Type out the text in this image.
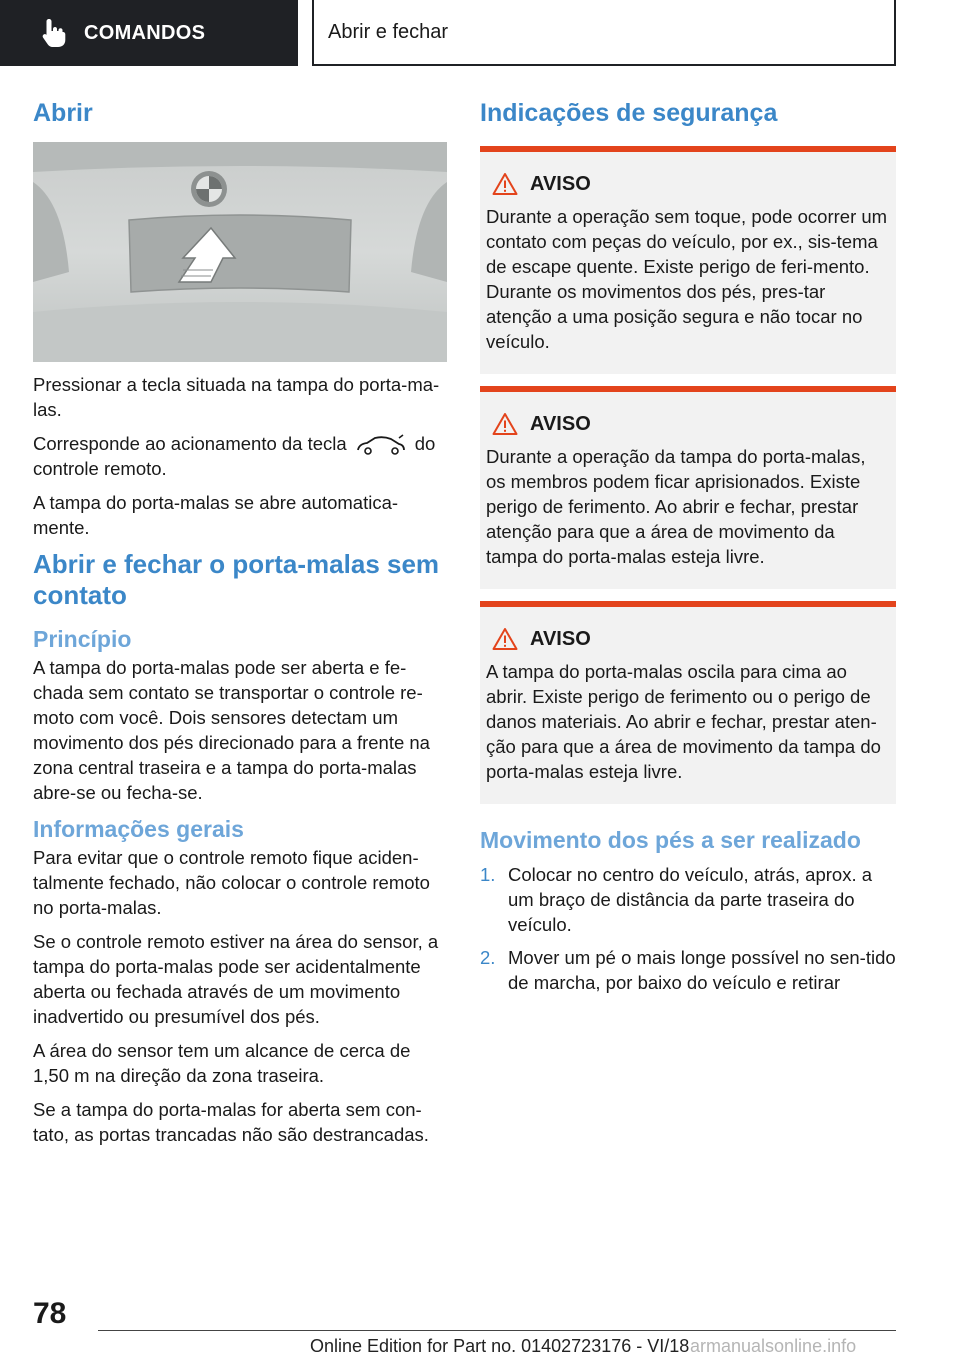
COMANDOS	Abrir e fechar
Abrir

Pressionar a tecla situada na tampa do porta-ma‐las.

Corresponde ao acionamento da tecla	do controle remoto.

A tampa do porta-malas se abre automatica‐mente.

Abrir e fechar o porta-malas sem contato
Princípio

A tampa do porta-malas pode ser aberta e fe‐chada sem contato se transportar o controle re‐moto com você. Dois sensores detectam um movimento dos pés direcionado para a frente na zona central traseira e a tampa do porta-malas abre-se ou fecha-se.

Informações gerais

Para evitar que o controle remoto fique aciden‐talmente fechado, não colocar o controle remoto no porta-malas.

Se o controle remoto estiver na área do sensor, a tampa do porta-malas pode ser acidentalmente aberta ou fechada através de um movimento inadvertido ou presumível dos pés.

A área do sensor tem um alcance de cerca de 1,50 m na direção da zona traseira.

Se a tampa do porta-malas for aberta sem con‐tato, as portas trancadas não são destrancadas.

Indicações de segurança
AVISO

Durante a operação sem toque, pode ocorrer um contato com peças do veículo, por ex., sis‐tema de escape quente. Existe perigo de feri‐mento. Durante os movimentos dos pés, pres‐tar atenção a uma posição segura e não tocar no veículo.

AVISO

Durante a operação da tampa do porta-malas, os membros podem ficar aprisionados. Existe perigo de ferimento. Ao abrir e fechar, prestar atenção para que a área de movimento da tampa do porta-malas esteja livre.

AVISO

A tampa do porta-malas oscila para cima ao abrir. Existe perigo de ferimento ou o perigo de danos materiais. Ao abrir e fechar, prestar aten‐ção para que a área de movimento da tampa do porta-malas esteja livre.

Movimento dos pés a ser realizado
1. Colocar no centro do veículo, atrás, aprox. a um braço de distância da parte traseira do veículo.
2. Mover um pé o mais longe possível no sen‐tido de marcha, por baixo do veículo e retirar
78
Online Edition for Part no. 01402723176 - VI/18 armanualsonline.info
